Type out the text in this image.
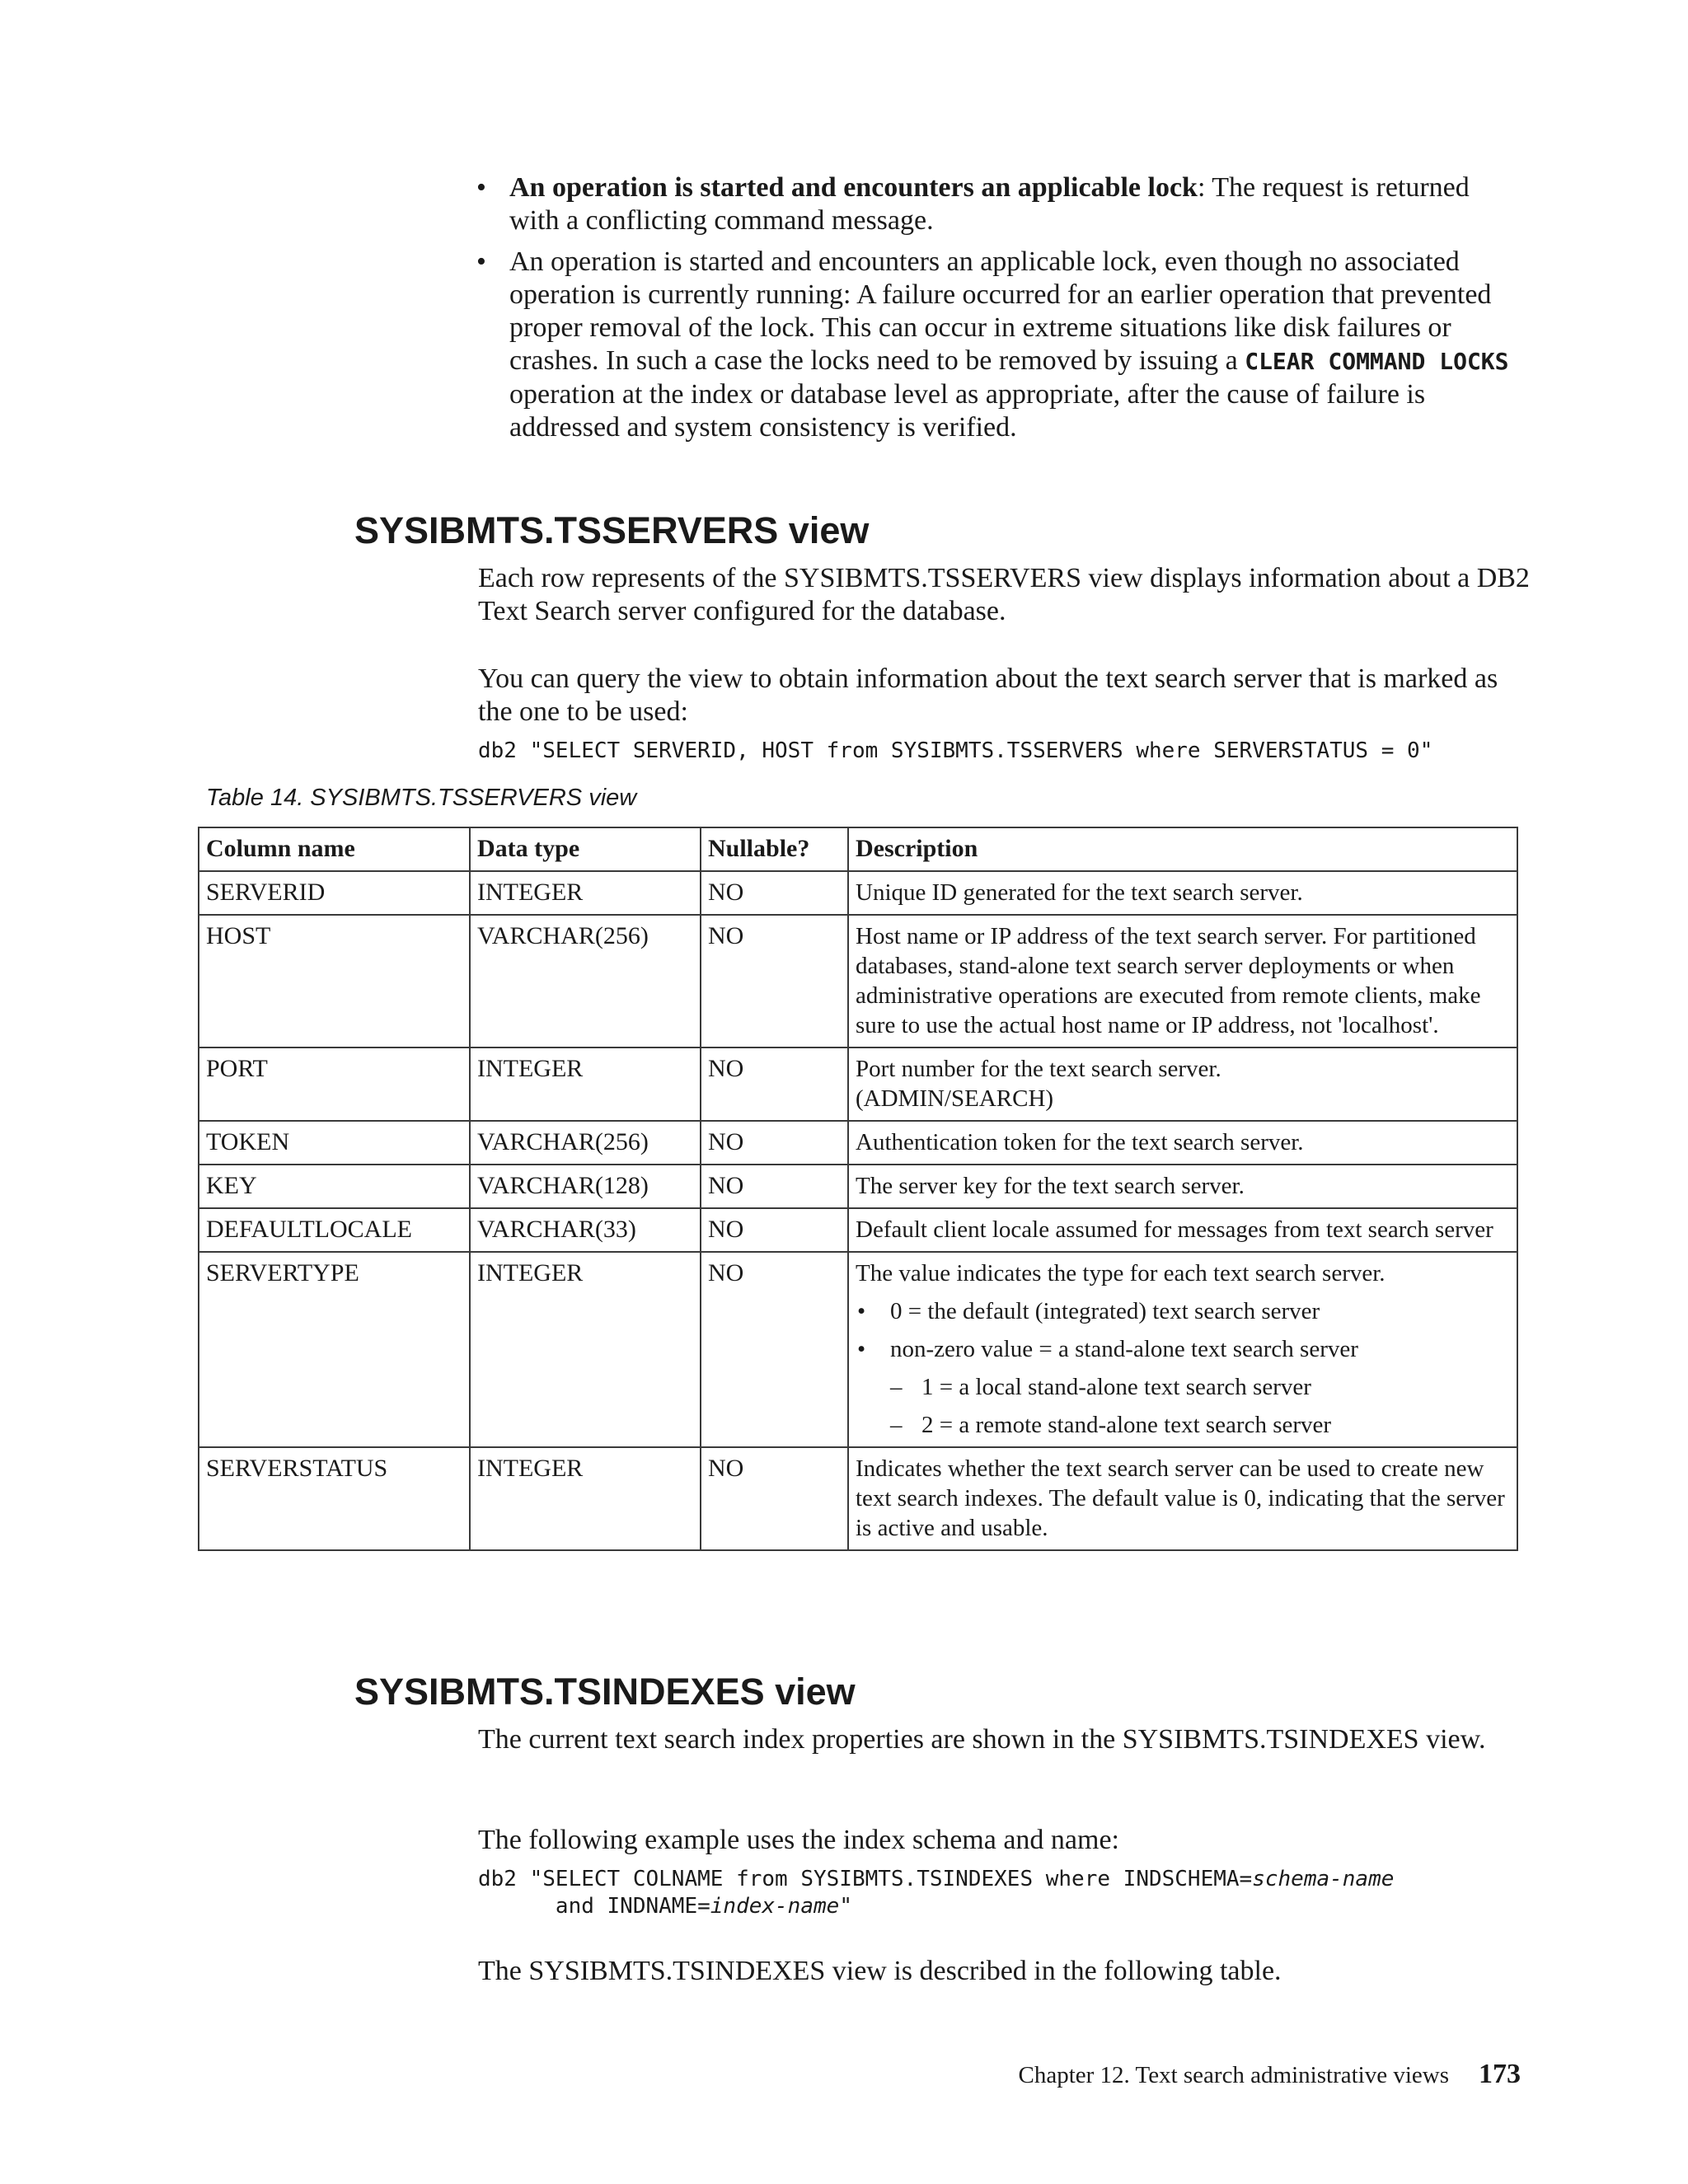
• An operation is started and encounters an applicable lock: The request is returned with a conflicting command message.
• An operation is started and encounters an applicable lock, even though no associated operation is currently running: A failure occurred for an earlier operation that prevented proper removal of the lock. This can occur in extreme situations like disk failures or crashes. In such a case the locks need to be removed by issuing a CLEAR COMMAND LOCKS operation at the index or database level as appropriate, after the cause of failure is addressed and system consistency is verified.
SYSIBMTS.TSSERVERS view

Each row represents of the SYSIBMTS.TSSERVERS view displays information about a DB2 Text Search server configured for the database.

You can query the view to obtain information about the text search server that is marked as the one to be used:

db2 "SELECT SERVERID, HOST from SYSIBMTS.TSSERVERS where SERVERSTATUS = 0"
Table 14. SYSIBMTS.TSSERVERS view
Column name	Data type	Nullable?	Description
SERVERID	INTEGER	NO	Unique ID generated for the text search server.
HOST	VARCHAR(256)	NO	Host name or IP address of the text search server. For partitioned databases, stand-alone text search server deployments or when administrative operations are executed from remote clients, make sure to use the actual host name or IP address, not 'localhost'.
PORT	INTEGER	NO	Port number for the text search server.
(ADMIN/SEARCH)

TOKEN	VARCHAR(256)	NO	Authentication token for the text search server.
KEY	VARCHAR(128)	NO	The server key for the text search server.
DEFAULTLOCALE	VARCHAR(33)	NO	Default client locale assumed for messages from text search server
SERVERTYPE	INTEGER	NO	The value indicates the type for each text search server.
• 0 = the default (integrated) text search server
• non-zero value = a stand-alone text search server
– 1 = a local stand-alone text search server
– 2 = a remote stand-alone text search server

SERVERSTATUS	INTEGER	NO	Indicates whether the text search server can be used to create new text search indexes. The default value is 0, indicating that the server is active and usable.
SYSIBMTS.TSINDEXES view

The current text search index properties are shown in the SYSIBMTS.TSINDEXES view.

The following example uses the index schema and name:

db2 "SELECT COLNAME from SYSIBMTS.TSINDEXES where INDSCHEMA=schema-name
and INDNAME=index-name"

The SYSIBMTS.TSINDEXES view is described in the following table.

Chapter 12. Text search administrative views 173
